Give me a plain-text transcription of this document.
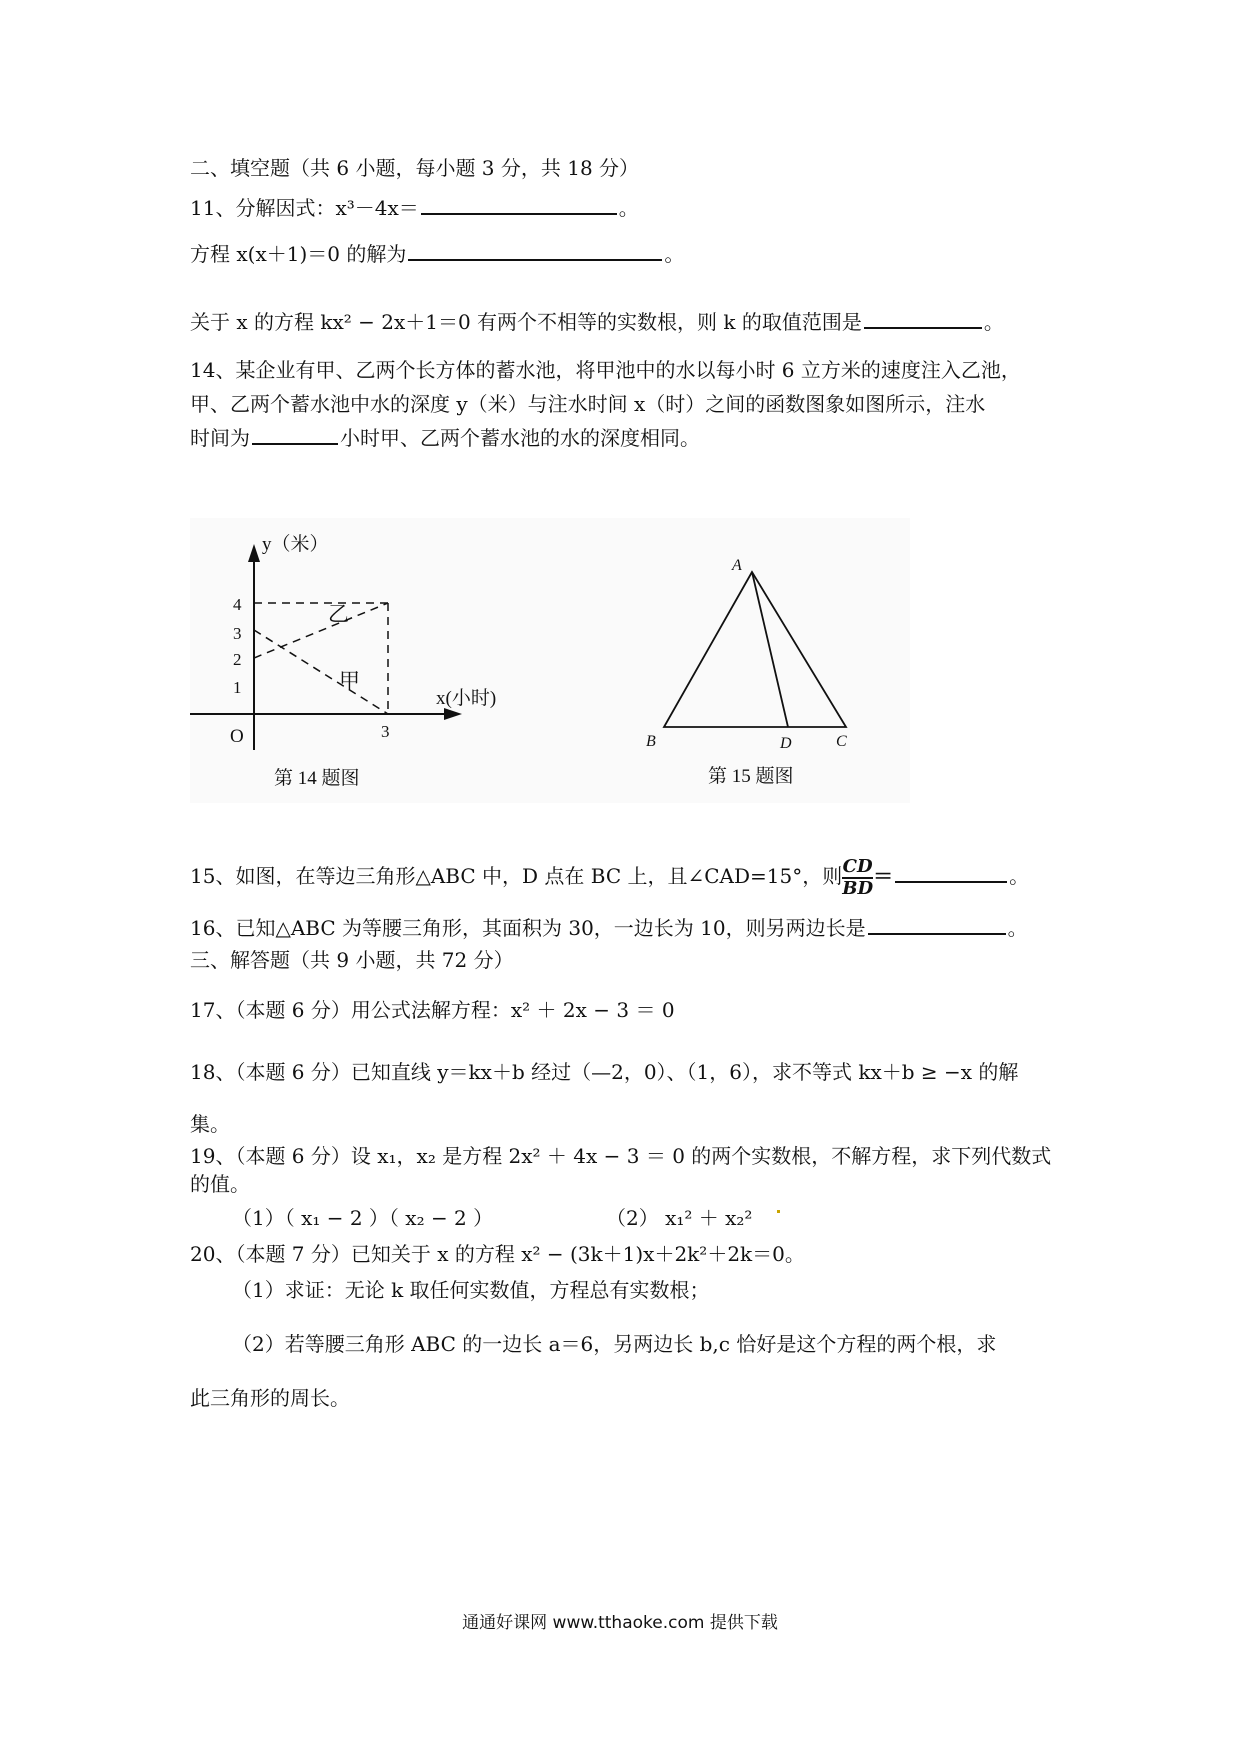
二、填空题（共 6 小题，每小题 3 分，共 18 分）
11、分解因式：x³－4x＝	。
方程 x(x＋1)＝0 的解为	。
关于 x 的方程 kx² − 2x＋1＝0 有两个不相等的实数根，则 k 的取值范围是	。
14、某企业有甲、乙两个长方体的蓄水池，将甲池中的水以每小时 6 立方米的速度注入乙池，
甲、乙两个蓄水池中水的深度 y（米）与注水时间 x（时）之间的函数图象如图所示，注水
时间为	小时甲、乙两个蓄水池的水的深度相同。
y（米）
x(小时)
4
3
2
1
O	3
乙
甲
第 14 题图
A
B	D	C
第 15 题图
15、如图，在等边三角形△ABC 中，D 点在 BC 上，且∠CAD=15°，则 $\frac{CD}{BD}$ ＝	。
16、已知△ABC 为等腰三角形，其面积为 30，一边长为 10，则另两边长是	。
三、解答题（共 9 小题，共 72 分）
17、（本题 6 分）用公式法解方程：x² ＋ 2x − 3 ＝ 0
18、（本题 6 分）已知直线 y＝kx＋b 经过（—2，0）、（1，6），求不等式 kx＋b ≥ −x 的解
集。
19、（本题 6 分）设 x₁，x₂ 是方程 2x² ＋ 4x − 3 ＝ 0 的两个实数根，不解方程，求下列代数式
的值。
（1）（ x₁ − 2 ）（ x₂ − 2 ）	（2） x₁² ＋ x₂²
20、（本题 7 分）已知关于 x 的方程 x² − (3k＋1)x＋2k²＋2k＝0。
（1）求证：无论 k 取任何实数值，方程总有实数根；
（2）若等腰三角形 ABC 的一边长 a＝6，另两边长 b,c 恰好是这个方程的两个根，求
此三角形的周长。
通通好课网 www.tthaoke.com 提供下载
